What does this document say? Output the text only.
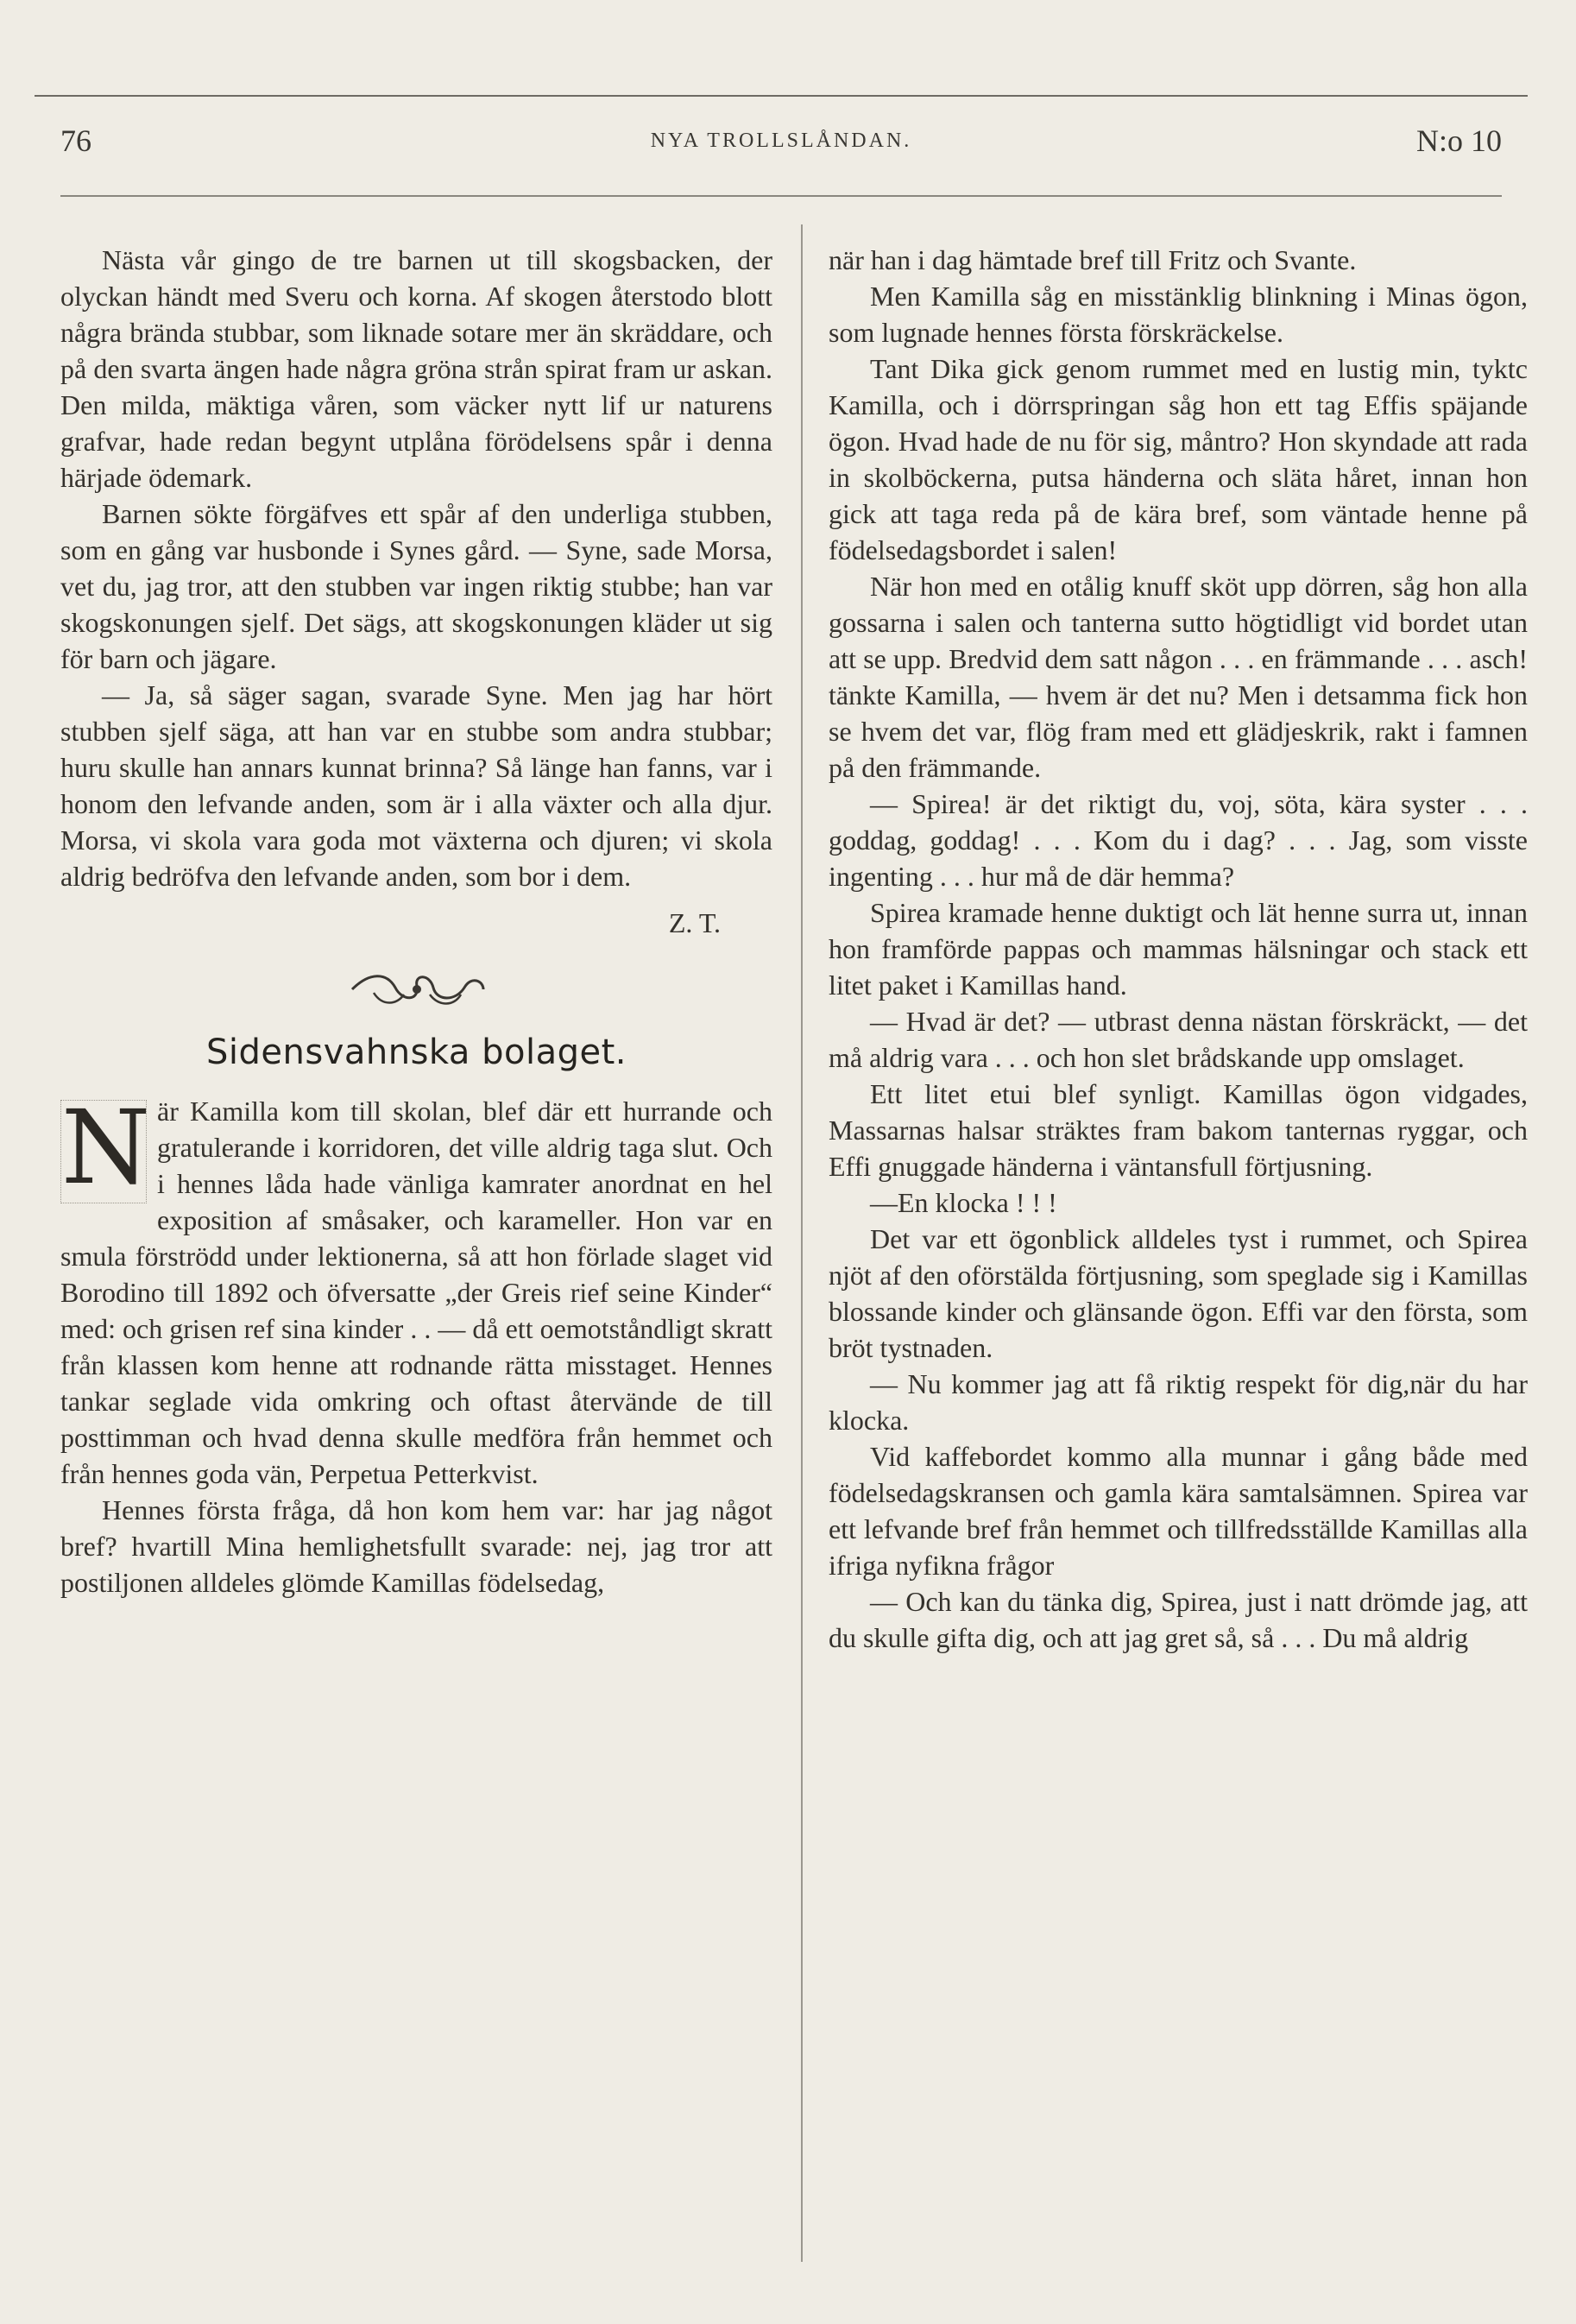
76	NYA TROLLSLÅNDAN.	N:o 10

Nästa vår gingo de tre barnen ut till skogsbacken, der olyckan händt med Sveru och korna. Af skogen återstodo blott några brända stubbar, som liknade sotare mer än skräddare, och på den svarta ängen hade några gröna strån spirat fram ur askan. Den milda, mäktiga våren, som väcker nytt lif ur naturens grafvar, hade redan begynt utplåna förödelsens spår i denna härjade ödemark.

Barnen sökte förgäfves ett spår af den underliga stubben, som en gång var husbonde i Synes gård. — Syne, sade Morsa, vet du, jag tror, att den stubben var ingen riktig stubbe; han var skogskonungen sjelf. Det sägs, att skogskonungen kläder ut sig för barn och jägare.

— Ja, så säger sagan, svarade Syne. Men jag har hört stubben sjelf säga, att han var en stubbe som andra stubbar; huru skulle han annars kunnat brinna? Så länge han fanns, var i honom den lefvande anden, som är i alla växter och alla djur. Morsa, vi skola vara goda mot växterna och djuren; vi skola aldrig bedröfva den lefvande anden, som bor i dem.

Z. T.
Sidensvahnska bolaget.

N är Kamilla kom till skolan, blef där ett hurrande och gratulerande i korridoren, det ville aldrig taga slut. Och i hennes låda hade vänliga kamrater anordnat en hel exposition af småsaker, och karameller. Hon var en smula förströdd under lektionerna, så att hon förlade slaget vid Borodino till 1892 och öfversatte „der Greis rief seine Kinder“ med: och grisen ref sina kinder . . — då ett oemotståndligt skratt från klassen kom henne att rodnande rätta misstaget. Hennes tankar seglade vida omkring och oftast återvände de till posttimman och hvad denna skulle medföra från hemmet och från hennes goda vän, Perpetua Petterkvist.

Hennes första fråga, då hon kom hem var: har jag något bref? hvartill Mina hemlighetsfullt svarade: nej, jag tror att postiljonen alldeles glömde Kamillas födelsedag,

när han i dag hämtade bref till Fritz och Svante.

Men Kamilla såg en misstänklig blinkning i Minas ögon, som lugnade hennes första förskräckelse.

Tant Dika gick genom rummet med en lustig min, tyktc Kamilla, och i dörrspringan såg hon ett tag Effis späjande ögon. Hvad hade de nu för sig, måntro? Hon skyndade att rada in skolböckerna, putsa händerna och släta håret, innan hon gick att taga reda på de kära bref, som väntade henne på födelsedagsbordet i salen!

När hon med en otålig knuff sköt upp dörren, såg hon alla gossarna i salen och tanterna sutto högtidligt vid bordet utan att se upp. Bredvid dem satt någon . . . en främmande . . . asch! tänkte Kamilla, — hvem är det nu? Men i detsamma fick hon se hvem det var, flög fram med ett glädjeskrik, rakt i famnen på den främmande.

— Spirea! är det riktigt du, voj, söta, kära syster . . . goddag, goddag! . . . Kom du i dag? . . . Jag, som visste ingenting . . . hur må de där hemma?

Spirea kramade henne duktigt och lät henne surra ut, innan hon framförde pappas och mammas hälsningar och stack ett litet paket i Kamillas hand.

— Hvad är det? — utbrast denna nästan förskräckt, — det må aldrig vara . . . och hon slet brådskande upp omslaget.

Ett litet etui blef synligt. Kamillas ögon vidgades, Massarnas halsar sträktes fram bakom tanternas ryggar, och Effi gnuggade händerna i väntansfull förtjusning.

—En klocka ! ! !

Det var ett ögonblick alldeles tyst i rummet, och Spirea njöt af den oförstälda förtjusning, som speglade sig i Kamillas blossande kinder och glänsande ögon. Effi var den första, som bröt tystnaden.

— Nu kommer jag att få riktig respekt för dig,när du har klocka.

Vid kaffebordet kommo alla munnar i gång både med födelsedagskransen och gamla kära samtalsämnen. Spirea var ett lefvande bref från hemmet och tillfredsställde Kamillas alla ifriga nyfikna frågor

— Och kan du tänka dig, Spirea, just i natt drömde jag, att du skulle gifta dig, och att jag gret så, så . . . Du må aldrig
